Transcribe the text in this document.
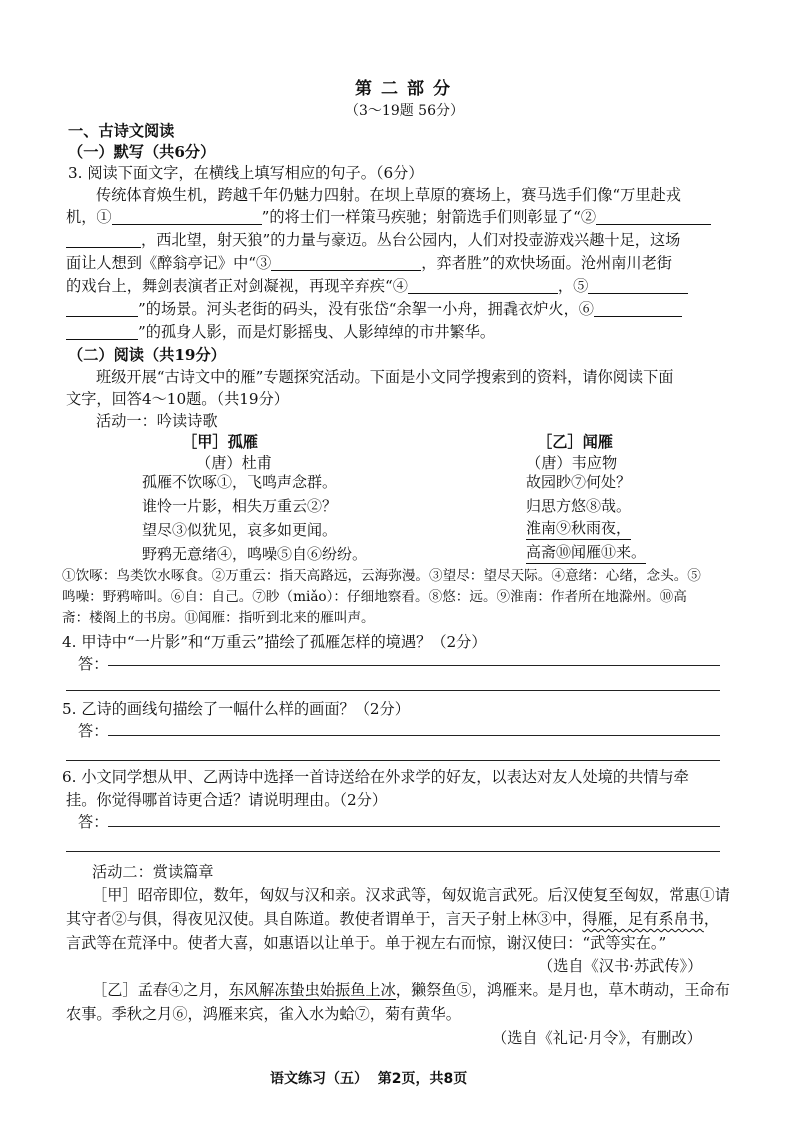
第二部分
（3～19题 56分）
一、古诗文阅读
（一）默写（共6分）
3. 阅读下面文字，在横线上填写相应的句子。（6分）
传统体育焕生机，跨越千年仍魅力四射。在坝上草原的赛场上，赛马选手们像“万里赴戎
机，①	”的将士们一样策马疾驰；射箭选手们则彰显了“②
，西北望，射天狼”的力量与豪迈。丛台公园内，人们对投壶游戏兴趣十足，这场
面让人想到《醉翁亭记》中“③	，弈者胜”的欢快场面。沧州南川老街
的戏台上，舞剑表演者正对剑凝视，再现辛弃疾“④	，⑤
”的场景。河头老街的码头，没有张岱“余挐一小舟，拥毳衣炉火，⑥
”的孤身人影，而是灯影摇曳、人影绰绰的市井繁华。
（二）阅读（共19分）
班级开展“古诗文中的雁”专题探究活动。下面是小文同学搜索到的资料，请你阅读下面
文字，回答4～10题。（共19分）
活动一：吟读诗歌
［甲］孤雁
（唐）杜甫
孤雁不饮啄①，飞鸣声念群。
谁怜一片影，相失万重云②？
望尽③似犹见，哀多如更闻。
野鸦无意绪④，鸣噪⑤自⑥纷纷。
［乙］闻雁
（唐）韦应物
故园眇⑦何处？
归思方悠⑧哉。
淮南⑨秋雨夜，
高斋⑩闻雁⑪来。
①饮啄：鸟类饮水啄食。②万重云：指天高路远，云海弥漫。③望尽：望尽天际。④意绪：心绪，念头。⑤
鸣噪：野鸦啼叫。⑥自：自己。⑦眇（miǎo）：仔细地察看。⑧悠：远。⑨淮南：作者所在地滁州。⑩高
斋：楼阁上的书房。⑪闻雁：指听到北来的雁叫声。
4. 甲诗中“一片影”和“万重云”描绘了孤雁怎样的境遇？（2分）
答：
5. 乙诗的画线句描绘了一幅什么样的画面？（2分）
答：
6. 小文同学想从甲、乙两诗中选择一首诗送给在外求学的好友，以表达对友人处境的共情与牵
挂。你觉得哪首诗更合适？请说明理由。（2分）
答：
活动二：赏读篇章
［甲］昭帝即位，数年，匈奴与汉和亲。汉求武等，匈奴诡言武死。后汉使复至匈奴，常惠①请
其守者②与俱，得夜见汉使。具自陈道。教使者谓单于，言天子射上林③中，得雁，足有系帛书，
言武等在荒泽中。使者大喜，如惠语以让单于。单于视左右而惊，谢汉使曰：“武等实在。”
（选自《汉书·苏武传》）
［乙］孟春④之月，东风解冻蛰虫始振鱼上冰，獭祭鱼⑤，鸿雁来。是月也，草木萌动，王命布
农事。季秋之月⑥，鸿雁来宾，雀入水为蛤⑦，菊有黄华。
（选自《礼记·月令》，有删改）
语文练习（五）  第2页，共8页
